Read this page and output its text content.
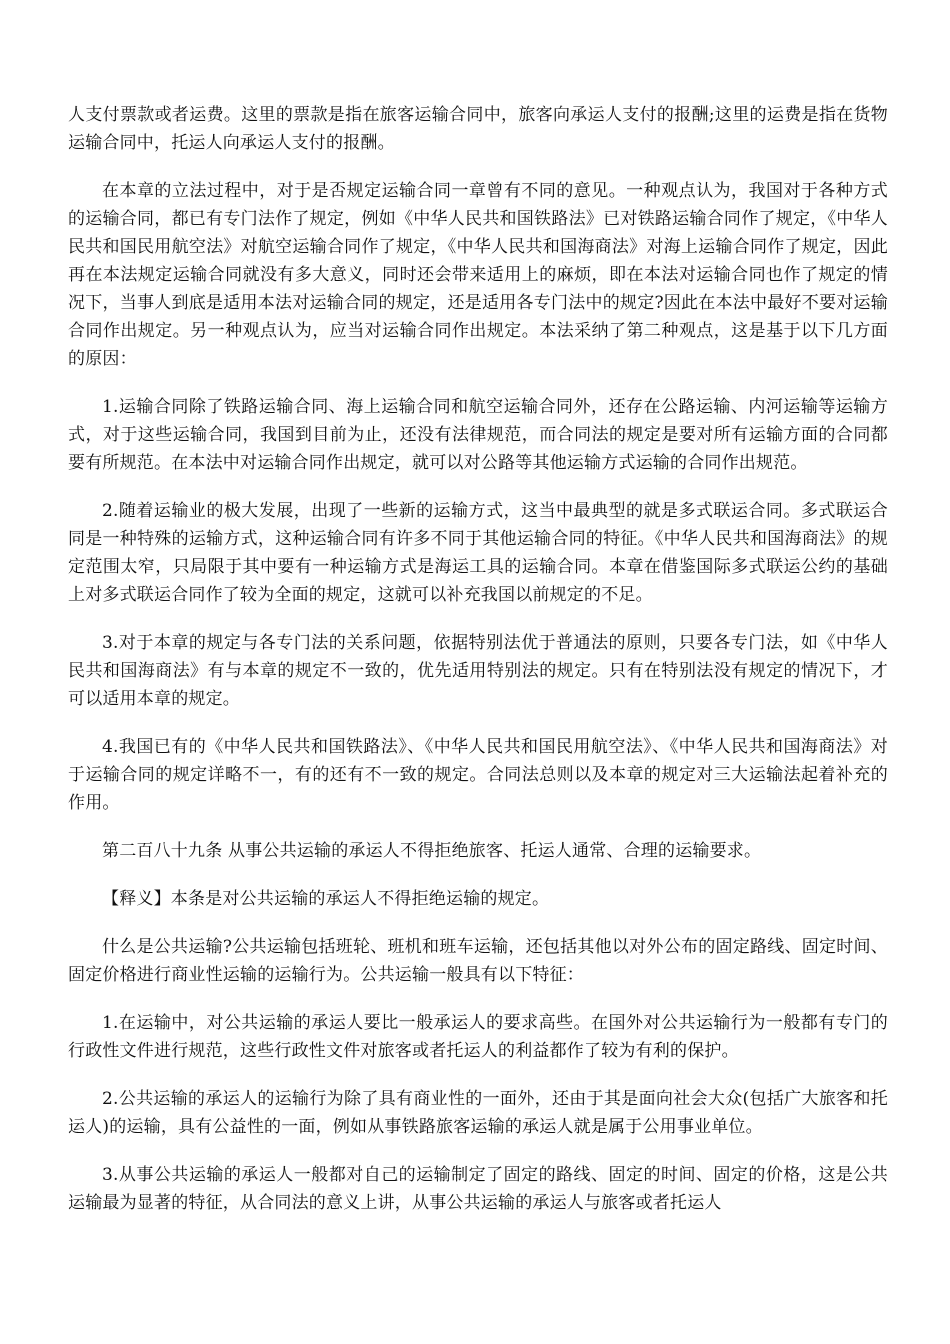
人支付票款或者运费。这里的票款是指在旅客运输合同中，旅客向承运人支付的报酬;这里的运费是指在货物运输合同中，托运人向承运人支付的报酬。

在本章的立法过程中，对于是否规定运输合同一章曾有不同的意见。一种观点认为，我国对于各种方式的运输合同，都已有专门法作了规定，例如《中华人民共和国铁路法》已对铁路运输合同作了规定，《中华人民共和国民用航空法》对航空运输合同作了规定，《中华人民共和国海商法》对海上运输合同作了规定，因此再在本法规定运输合同就没有多大意义，同时还会带来适用上的麻烦，即在本法对运输合同也作了规定的情况下，当事人到底是适用本法对运输合同的规定，还是适用各专门法中的规定?因此在本法中最好不要对运输合同作出规定。另一种观点认为，应当对运输合同作出规定。本法采纳了第二种观点，这是基于以下几方面的原因：

1.运输合同除了铁路运输合同、海上运输合同和航空运输合同外，还存在公路运输、内河运输等运输方式，对于这些运输合同，我国到目前为止，还没有法律规范，而合同法的规定是要对所有运输方面的合同都要有所规范。在本法中对运输合同作出规定，就可以对公路等其他运输方式运输的合同作出规范。

2.随着运输业的极大发展，出现了一些新的运输方式，这当中最典型的就是多式联运合同。多式联运合同是一种特殊的运输方式，这种运输合同有许多不同于其他运输合同的特征。《中华人民共和国海商法》的规定范围太窄，只局限于其中要有一种运输方式是海运工具的运输合同。本章在借鉴国际多式联运公约的基础上对多式联运合同作了较为全面的规定，这就可以补充我国以前规定的不足。

3.对于本章的规定与各专门法的关系问题，依据特别法优于普通法的原则，只要各专门法，如《中华人民共和国海商法》有与本章的规定不一致的，优先适用特别法的规定。只有在特别法没有规定的情况下，才可以适用本章的规定。

4.我国已有的《中华人民共和国铁路法》、《中华人民共和国民用航空法》、《中华人民共和国海商法》对于运输合同的规定详略不一，有的还有不一致的规定。合同法总则以及本章的规定对三大运输法起着补充的作用。

第二百八十九条 从事公共运输的承运人不得拒绝旅客、托运人通常、合理的运输要求。

【释义】本条是对公共运输的承运人不得拒绝运输的规定。

什么是公共运输?公共运输包括班轮、班机和班车运输，还包括其他以对外公布的固定路线、固定时间、固定价格进行商业性运输的运输行为。公共运输一般具有以下特征：

1.在运输中，对公共运输的承运人要比一般承运人的要求高些。在国外对公共运输行为一般都有专门的行政性文件进行规范，这些行政性文件对旅客或者托运人的利益都作了较为有利的保护。

2.公共运输的承运人的运输行为除了具有商业性的一面外，还由于其是面向社会大众(包括广大旅客和托运人)的运输，具有公益性的一面，例如从事铁路旅客运输的承运人就是属于公用事业单位。

3.从事公共运输的承运人一般都对自己的运输制定了固定的路线、固定的时间、固定的价格，这是公共运输最为显著的特征，从合同法的意义上讲，从事公共运输的承运人与旅客或者托运人
